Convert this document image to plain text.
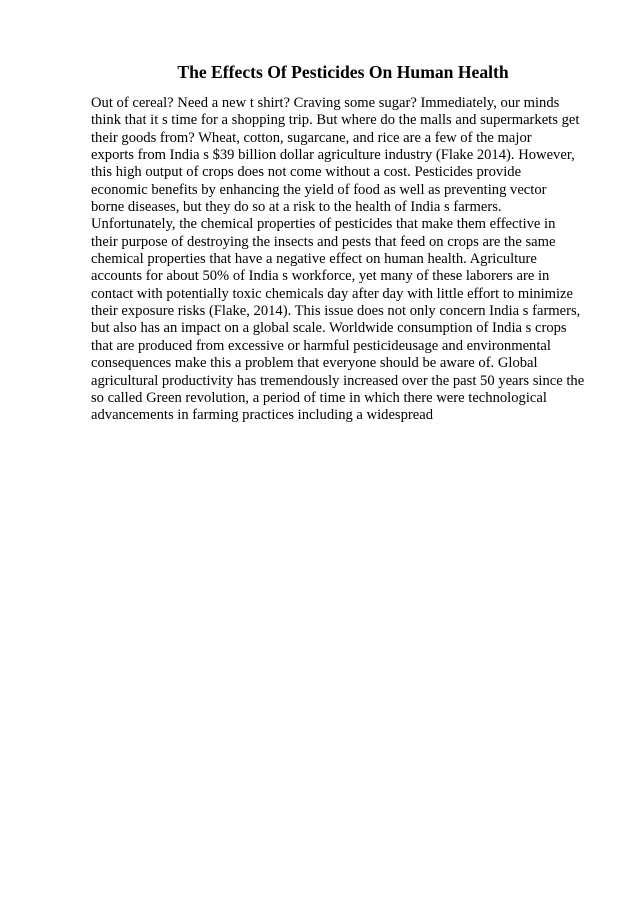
The Effects Of Pesticides On Human Health
Out of cereal? Need a new t shirt? Craving some sugar? Immediately, our minds
think that it s time for a shopping trip. But where do the malls and supermarkets get
their goods from? Wheat, cotton, sugarcane, and rice are a few of the major
exports from India s $39 billion dollar agriculture industry (Flake 2014). However,
this high output of crops does not come without a cost. Pesticides provide
economic benefits by enhancing the yield of food as well as preventing vector
borne diseases, but they do so at a risk to the health of India s farmers.
Unfortunately, the chemical properties of pesticides that make them effective in
their purpose of destroying the insects and pests that feed on crops are the same
chemical properties that have a negative effect on human health. Agriculture
accounts for about 50% of India s workforce, yet many of these laborers are in
contact with potentially toxic chemicals day after day with little effort to minimize
their exposure risks (Flake, 2014). This issue does not only concern India s farmers,
but also has an impact on a global scale. Worldwide consumption of India s crops
that are produced from excessive or harmful pesticideusage and environmental
consequences make this a problem that everyone should be aware of. Global
agricultural productivity has tremendously increased over the past 50 years since the
so called Green revolution, a period of time in which there were technological
advancements in farming practices including a widespread
